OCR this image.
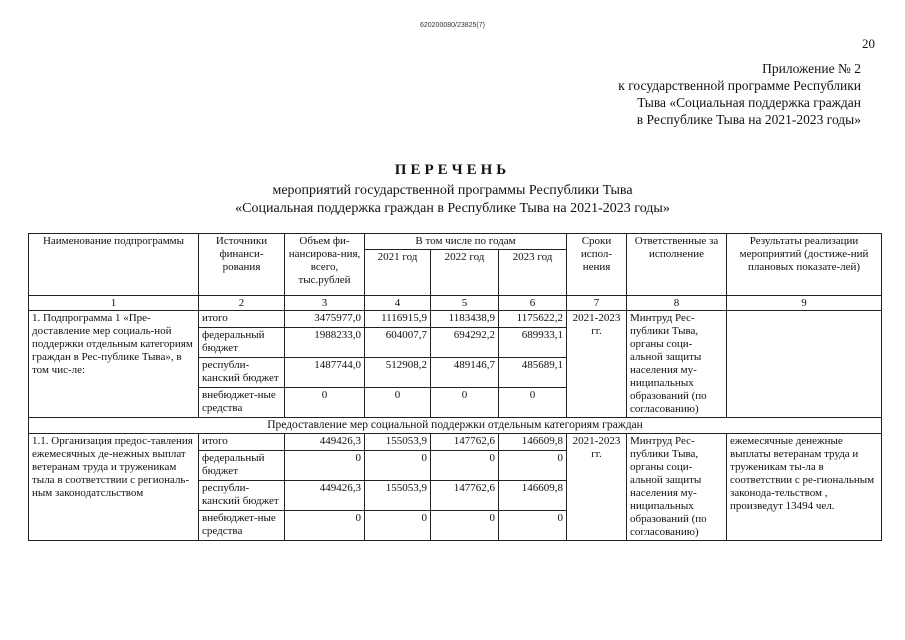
620200080/23825(7)
20
Приложение № 2
к государственной программе Республики
Тыва «Социальная поддержка граждан
в Республике Тыва на 2021-2023 годы»
ПЕРЕЧЕНЬ
мероприятий государственной программы Республики Тыва
«Социальная поддержка граждан в Республике Тыва на 2021-2023 годы»
Наименование подпрограммы	Источники финанси-рования	Объем фи-нансирова-ния, всего, тыс.рублей	В том числе по годам			Сроки испол-нения	Ответственные за исполнение	Результаты реализации мероприятий (достиже-ний плановых показате-лей)
			2021 год	2022 год	2023 год			
1	2	3	4	5	6	7	8	9
1. Подпрограмма 1 «Пре-доставление мер социаль-ной поддержки отдельным категориям граждан в Рес-публике Тыва», в том чис-ле:	итого	3475977,0	1116915,9	1183438,9	1175622,2	2021-2023 гг.	Минтруд Рес-публики Тыва, органы соци-альной защиты населения му-ниципальных образований (по согласованию)	
	федеральный бюджет	1988233,0	604007,7	694292,2	689933,1			
	республи-канский бюджет	1487744,0	512908,2	489146,7	485689,1			
	внебюджет-ные средства	0	0	0	0			
Предоставление мер социальной поддержки отдельным категориям граждан								
1.1. Организация предос-тавления ежемесячных де-нежных выплат ветеранам труда и труженикам тыла в соответствии с региональ-ным законодатсльством	итого	449426,3	155053,9	147762,6	146609,8	2021-2023 гг.	Минтруд Рес-публики Тыва, органы соци-альной защиты населения му-ниципальных образований (по согласованию)	ежемесячные денежные выплаты ветеранам труда и труженикам ты-ла в соответствии с ре-гиональным законода-тельством , произведут 13494 чел.
	федеральный бюджет	0	0	0	0			
	республи-канский бюджет	449426,3	155053,9	147762,6	146609,8			
	внебюджет-ные средства	0	0	0	0			
